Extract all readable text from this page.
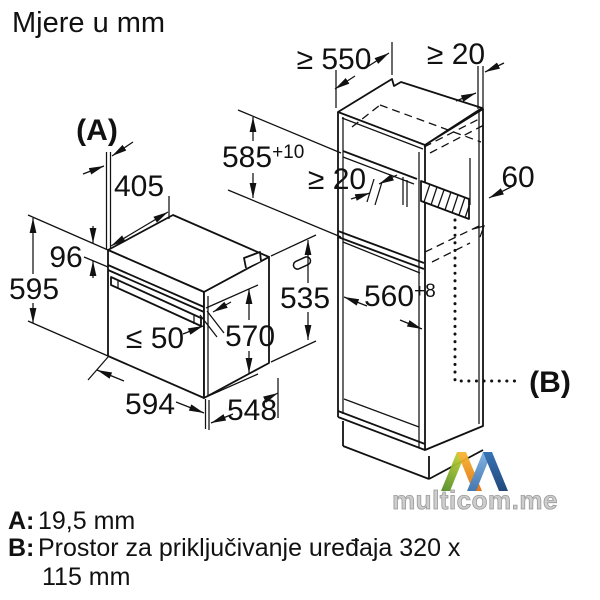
Mjere u mm
(A)
405
96
595
≤ 50 570
594 548
535
$585^{+10}$
≥ 550 ≥ 20
≥ 20	60
$560^{+8}$
(B)
multicom.me
A: 19,5 mm
B: Prostor za priključivanje uređaja 320 x
115 mm
